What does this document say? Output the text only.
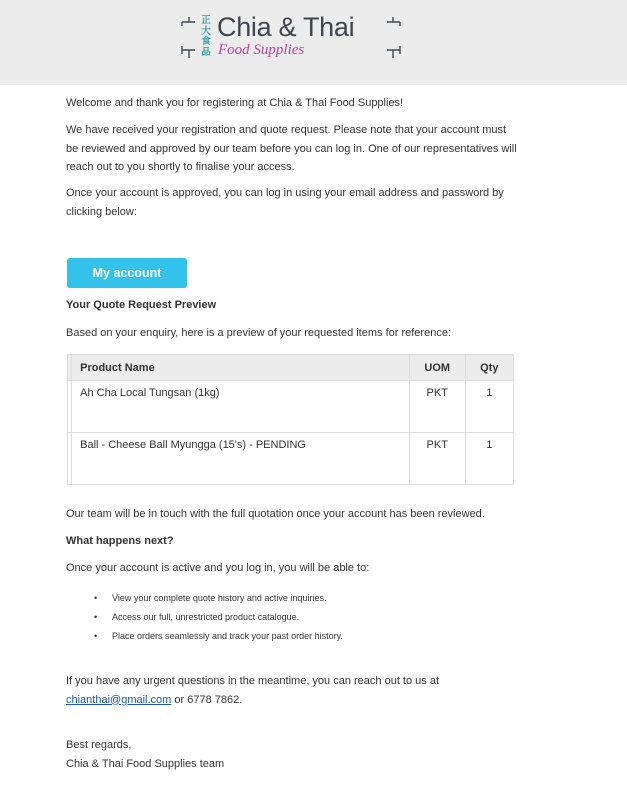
正
大
食
品
Chia & Thai
Food Supplies

Welcome and thank you for registering at Chia & Thai Food Supplies!

We have received your registration and quote request. Please note that your account must be reviewed and approved by our team before you can log in. One of our representatives will reach out to you shortly to finalise your access.

Once your account is approved, you can log in using your email address and password by clicking below:

My account

Your Quote Request Preview

Based on your enquiry, here is a preview of your requested items for reference:

	Product Name	UOM	Qty
	Ah Cha Local Tungsan (1kg)	PKT	1
	Ball - Cheese Ball Myungga (15's) - PENDING	PKT	1

Our team will be in touch with the full quotation once your account has been reviewed.

What happens next?

Once your account is active and you log in, you will be able to:

• View your complete quote history and active inquiries.
• Access our full, unrestricted product catalogue.
• Place orders seamlessly and track your past order history.

If you have any urgent questions in the meantime, you can reach out to us at
chianthai@gmail.com or 6778 7862.

Best regards,

Chia & Thai Food Supplies team
